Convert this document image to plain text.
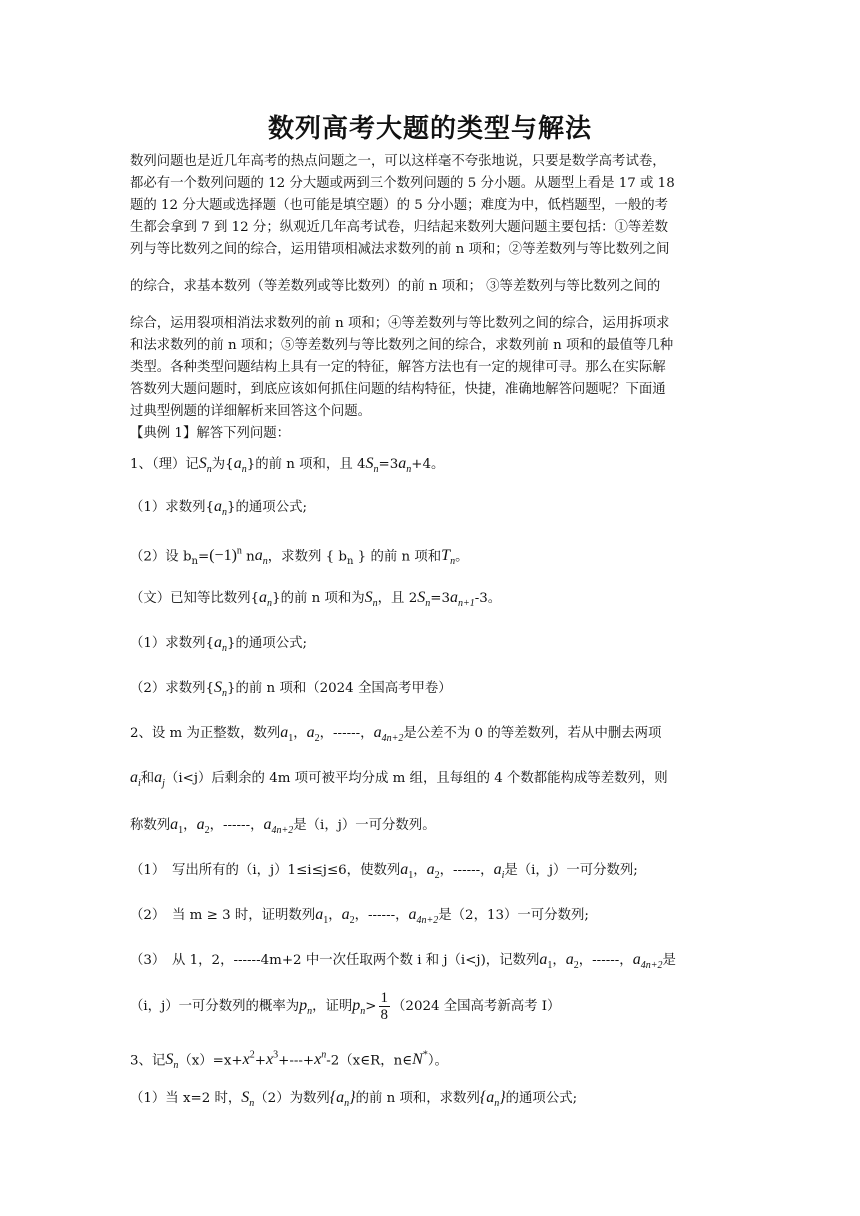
数列高考大题的类型与解法
数列问题也是近几年高考的热点问题之一，可以这样毫不夸张地说，只要是数学高考试卷，
都必有一个数列问题的 12 分大题或两到三个数列问题的 5 分小题。从题型上看是 17 或 18
题的 12 分大题或选择题（也可能是填空题）的 5 分小题；难度为中，低档题型，一般的考
生都会拿到 7 到 12 分；纵观近几年高考试卷，归结起来数列大题问题主要包括：①等差数
列与等比数列之间的综合，运用错项相减法求数列的前 n 项和；②等差数列与等比数列之间
的综合，求基本数列（等差数列或等比数列）的前 n 项和； ③等差数列与等比数列之间的
综合，运用裂项相消法求数列的前 n 项和；④等差数列与等比数列之间的综合，运用拆项求
和法求数列的前 n 项和；⑤等差数列与等比数列之间的综合，求数列前 n 项和的最值等几种
类型。各种类型问题结构上具有一定的特征，解答方法也有一定的规律可寻。那么在实际解
答数列大题问题时，到底应该如何抓住问题的结构特征，快捷，准确地解答问题呢？下面通
过典型例题的详细解析来回答这个问题。
【典例 1】解答下列问题：
1、（理）记$S_n$为$\{a_n\}$的前 n 项和，且 $4S_n=3a_n+4$。
（1）求数列$\{a_n\}$的通项公式;
（2）设 $b_n=(-1)^n$ $na_n$，求数列 { $b_n$ } 的前 n 项和$T_n$。
（文）已知等比数列$\{a_n\}$的前 n 项和为$S_n$，且 $2S_n=3a_{n+1}-3$。
（1）求数列$\{a_n\}$的通项公式;
（2）求数列$\{S_n\}$的前 n 项和（2024 全国高考甲卷）
2、设 m 为正整数，数列$a_1$，$a_2$，------，$a_{4n+2}$是公差不为 0 的等差数列，若从中删去两项
$a_i$和$a_j(i<j)$后剩余的 4m 项可被平均分成 m 组，且每组的 4 个数都能构成等差数列，则
称数列$a_1$，$a_2$，------，$a_{4n+2}$是（i，j）一可分数列。
（1）　写出所有的（i，j）1≤i≤j≤6，使数列$a_1$，$a_2$，------，$a_i$是（i，j）一可分数列;
（2）　当 m ≥ 3 时，证明数列$a_1$，$a_2$，------，$a_{4n+2}$是（2，13）一可分数列;
（3）　从 1，2，------4m+2 中一次任取两个数 i 和 j（i<j)，记数列$a_1$，$a_2$，------，$a_{4n+2}$是
（i，j）一可分数列的概率为$p_n$，证明$p_n> \frac{1}{8} (2024$ 全国高考新高考 I）
3、记$S_n(x)=x+x^2+x^3+---+x^n-2(x\in R$，n∈N*）。
（1）当 x=2 时，$S_n(2)$为数列$\{a_n\}$的前 n 项和，求数列$\{a_n\}$的通项公式;
